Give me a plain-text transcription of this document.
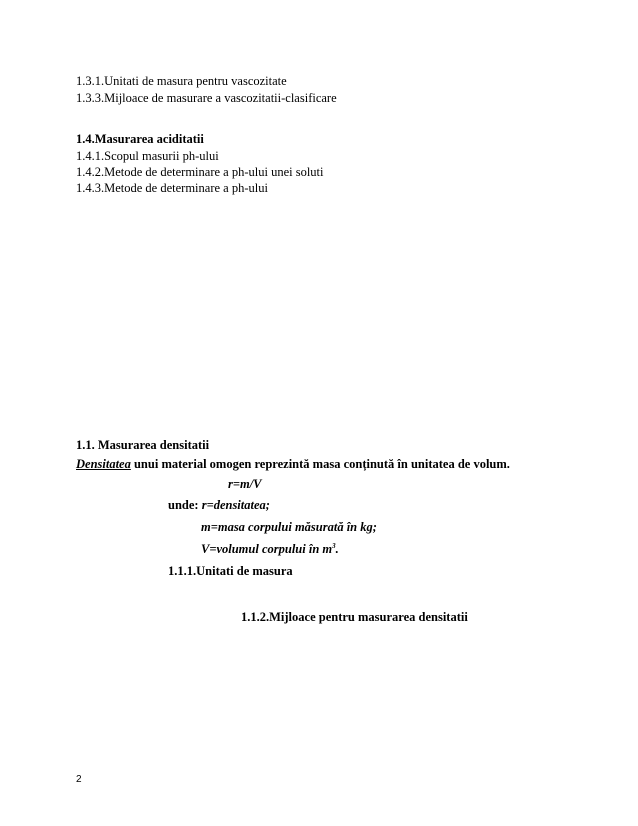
1.3.1.Unitati de masura pentru vascozitate
1.3.3.Mijloace de masurare a vascozitatii-clasificare
1.4.Masurarea aciditatii
1.4.1.Scopul masurii ph-ului
1.4.2.Metode de determinare a ph-ului unei soluti
1.4.3.Metode de determinare a ph-ului
1.1. Masurarea densitatii
Densitatea unui material omogen reprezintă masa conținută în unitatea de volum.
r=m/V
unde: r=densitatea;
m=masa corpului măsurată în kg;
V=volumul corpului în $m^3$.
1.1.1.Unitati de masura
1.1.2.Mijloace pentru masurarea densitatii
2
